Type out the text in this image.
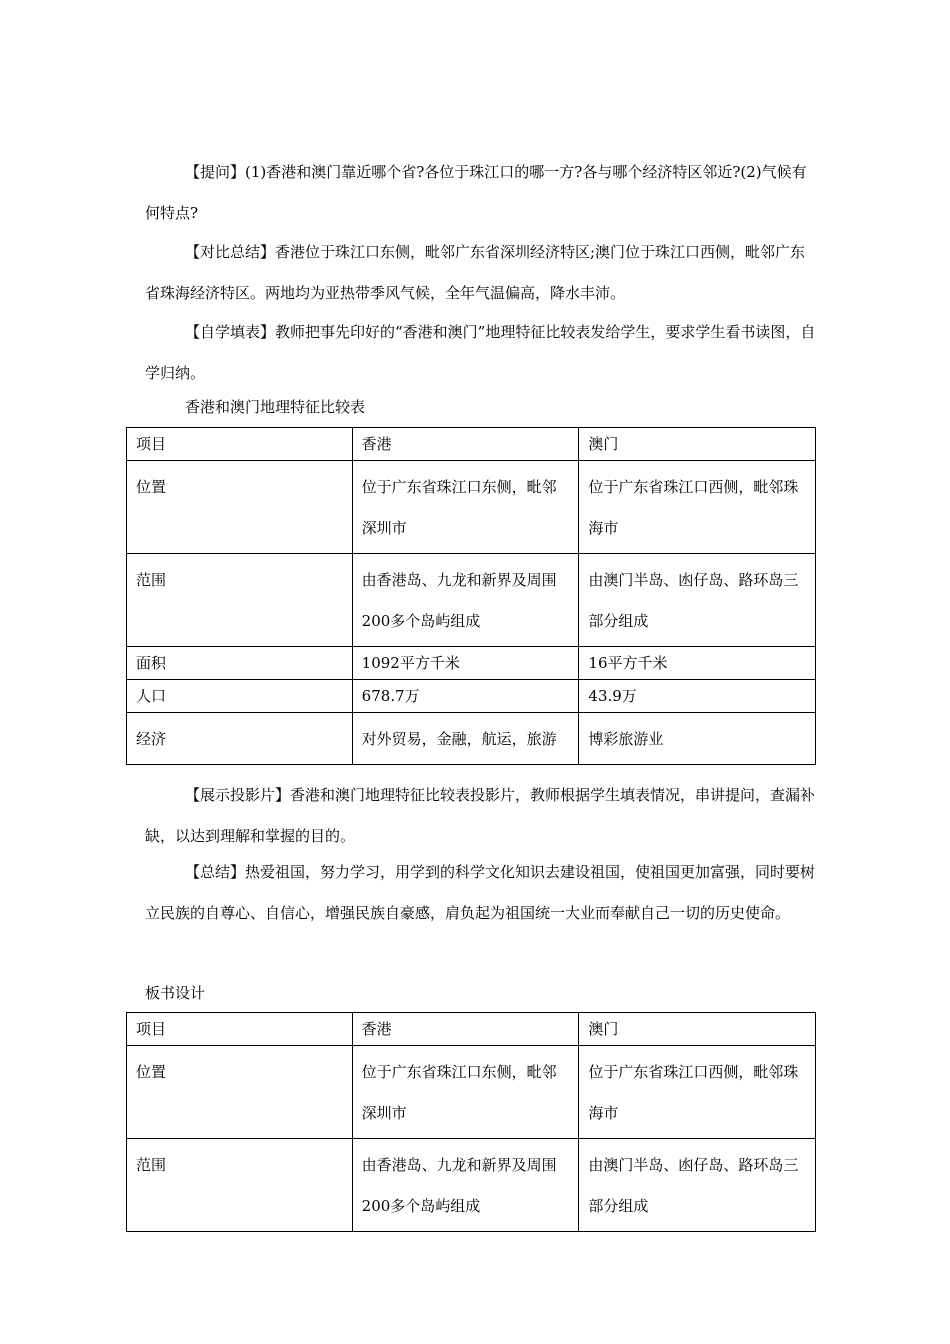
【提问】(1)香港和澳门靠近哪个省?各位于珠江口的哪一方?各与哪个经济特区邻近?(2)气候有何特点?

【对比总结】香港位于珠江口东侧，毗邻广东省深圳经济特区;澳门位于珠江口西侧，毗邻广东省珠海经济特区。两地均为亚热带季风气候，全年气温偏高，降水丰沛。

【自学填表】教师把事先印好的“香港和澳门”地理特征比较表发给学生，要求学生看书读图，自学归纳。

香港和澳门地理特征比较表

项目	香港	澳门
位置	位于广东省珠江口东侧，毗邻深圳市	位于广东省珠江口西侧，毗邻珠海市
范围	由香港岛、九龙和新界及周围200多个岛屿组成	由澳门半岛、凼仔岛、路环岛三部分组成
面积	1092平方千米	16平方千米
人口	678.7万	43.9万
经济	对外贸易，金融，航运，旅游	博彩旅游业

【展示投影片】香港和澳门地理特征比较表投影片，教师根据学生填表情况，串讲提问，查漏补缺，以达到理解和掌握的目的。

【总结】热爱祖国，努力学习，用学到的科学文化知识去建设祖国，使祖国更加富强，同时要树立民族的自尊心、自信心，增强民族自豪感，肩负起为祖国统一大业而奉献自己一切的历史使命。

板书设计

项目	香港	澳门
位置	位于广东省珠江口东侧，毗邻深圳市	位于广东省珠江口西侧，毗邻珠海市
范围	由香港岛、九龙和新界及周围200多个岛屿组成	由澳门半岛、凼仔岛、路环岛三部分组成
